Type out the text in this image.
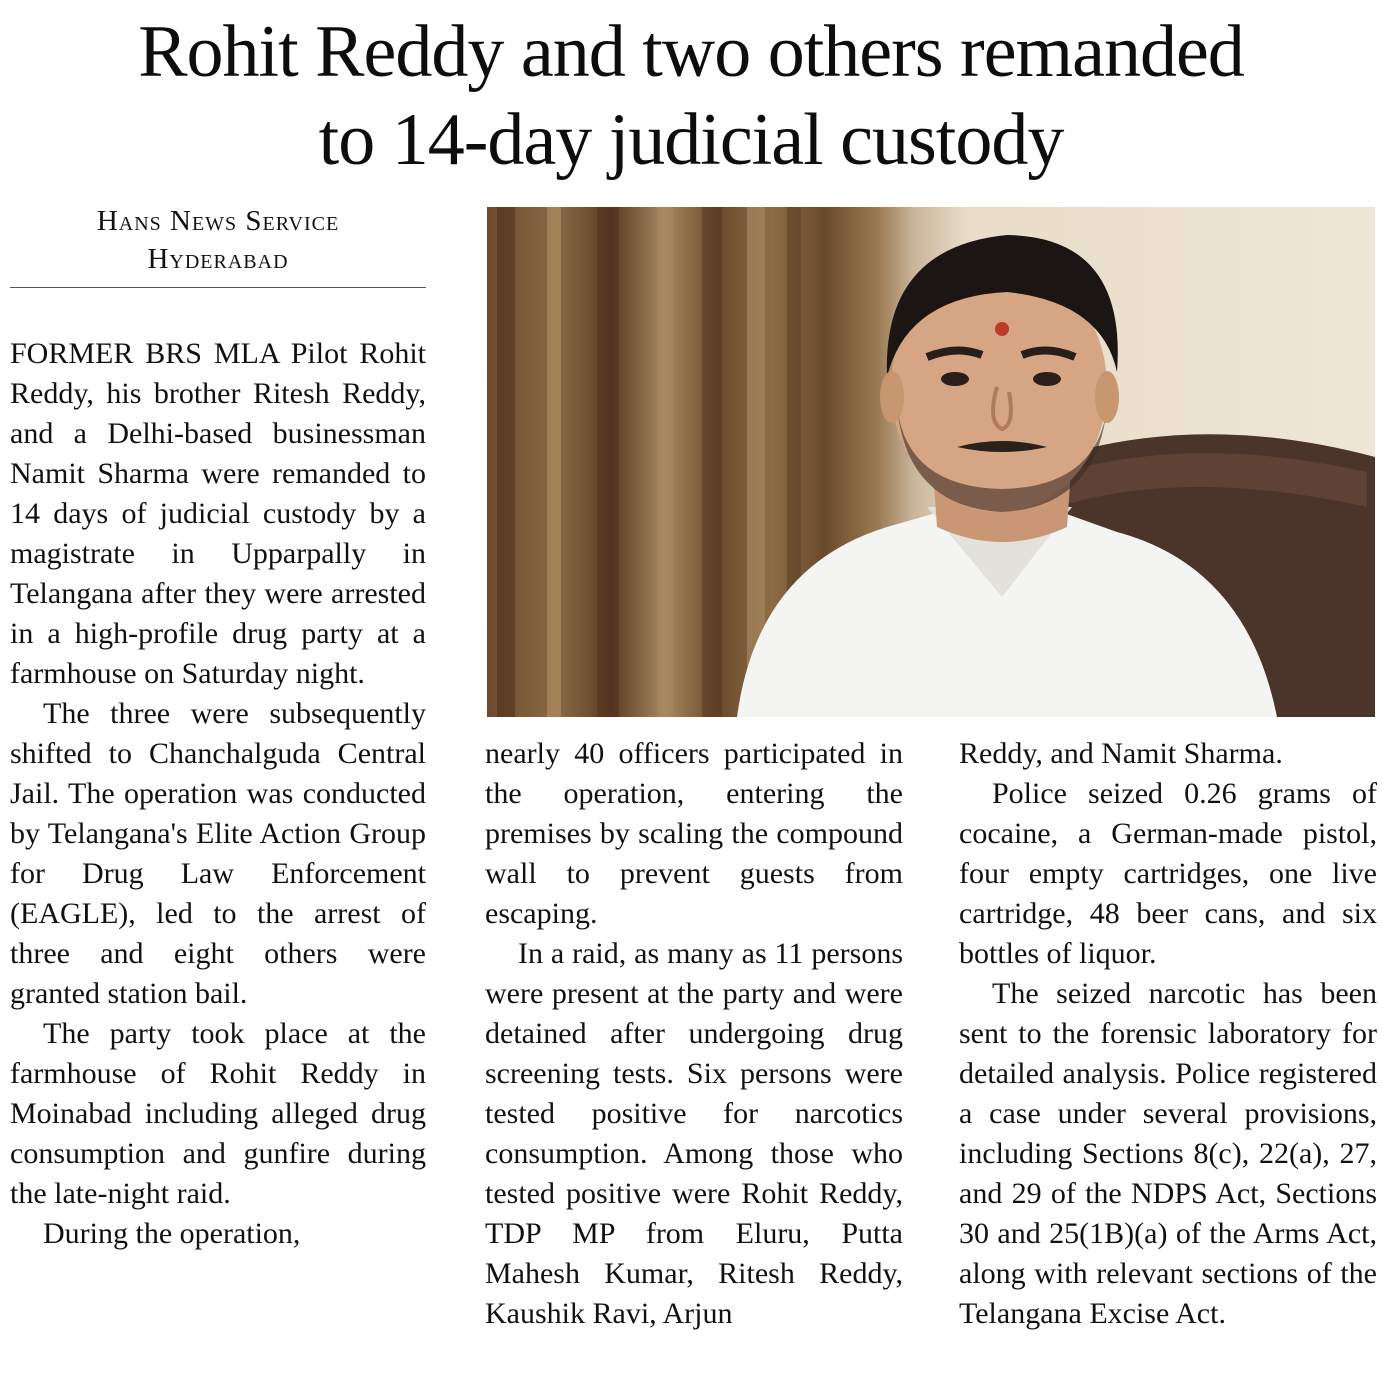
Rohit Reddy and two others remanded
to 14-day judicial custody
Hans News Service
Hyderabad

FORMER BRS MLA Pilot Rohit Reddy, his brother Ritesh Reddy, and a Delhi-based businessman Namit Sharma were remanded to 14 days of judicial custody by a magistrate in Upparpally in Telangana after they were arrested in a high-profile drug party at a farmhouse on Saturday night.

The three were subsequently shifted to Chanchalguda Central Jail. The operation was conducted by Telangana's Elite Action Group for Drug Law Enforcement (EAGLE), led to the arrest of three and eight others were granted station bail.

The party took place at the farmhouse of Rohit Reddy in Moinabad including alleged drug consumption and gunfire during the late-night raid.

During the operation,

nearly 40 officers participated in the operation, entering the premises by scaling the compound wall to prevent guests from escaping.

In a raid, as many as 11 persons were present at the party and were detained after undergoing drug screening tests. Six persons were tested positive for narcotics consumption. Among those who tested positive were Rohit Reddy, TDP MP from Eluru, Putta Mahesh Kumar, Ritesh Reddy, Kaushik Ravi, Arjun

Reddy, and Namit Sharma.

Police seized 0.26 grams of cocaine, a German-made pistol, four empty cartridges, one live cartridge, 48 beer cans, and six bottles of liquor.

The seized narcotic has been sent to the forensic laboratory for detailed analysis. Police registered a case under several provisions, including Sections 8(c), 22(a), 27, and 29 of the NDPS Act, Sections 30 and 25(1B)(a) of the Arms Act, along with relevant sections of the Telangana Excise Act.
